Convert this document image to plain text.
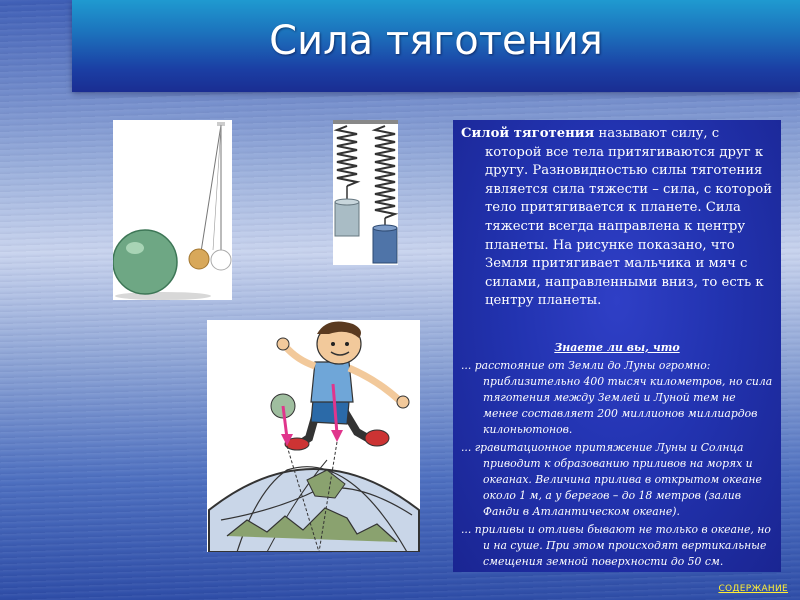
Сила тяготения

Силой тяготения называют силу, с которой все тела притягиваются друг к другу. Разновидностью силы тяготения является сила тяжести – сила, с которой тело притягивается к планете. Сила тяжести всегда направлена к центру планеты. На рисунке показано, что Земля притягивает мальчика и мяч с силами, направленными вниз, то есть к центру планеты.

Знаете ли вы, что

... расстояние от Земли до Луны огромно: приблизительно 400 тысяч километров, но сила тяготения между Землей и Луной тем не менее составляет 200 миллионов миллиардов килоньютонов.

... гравитационное притяжение Луны и Солнца приводит к образованию приливов на морях и океанах. Величина прилива в открытом океане около 1 м, а у берегов – до 18 метров (залив Фанди в Атлантическом океане).

... приливы и отливы бывают не только в океане, но и на суше. При этом происходят вертикальные смещения земной поверхности до 50 см.

СОДЕРЖАНИЕ
